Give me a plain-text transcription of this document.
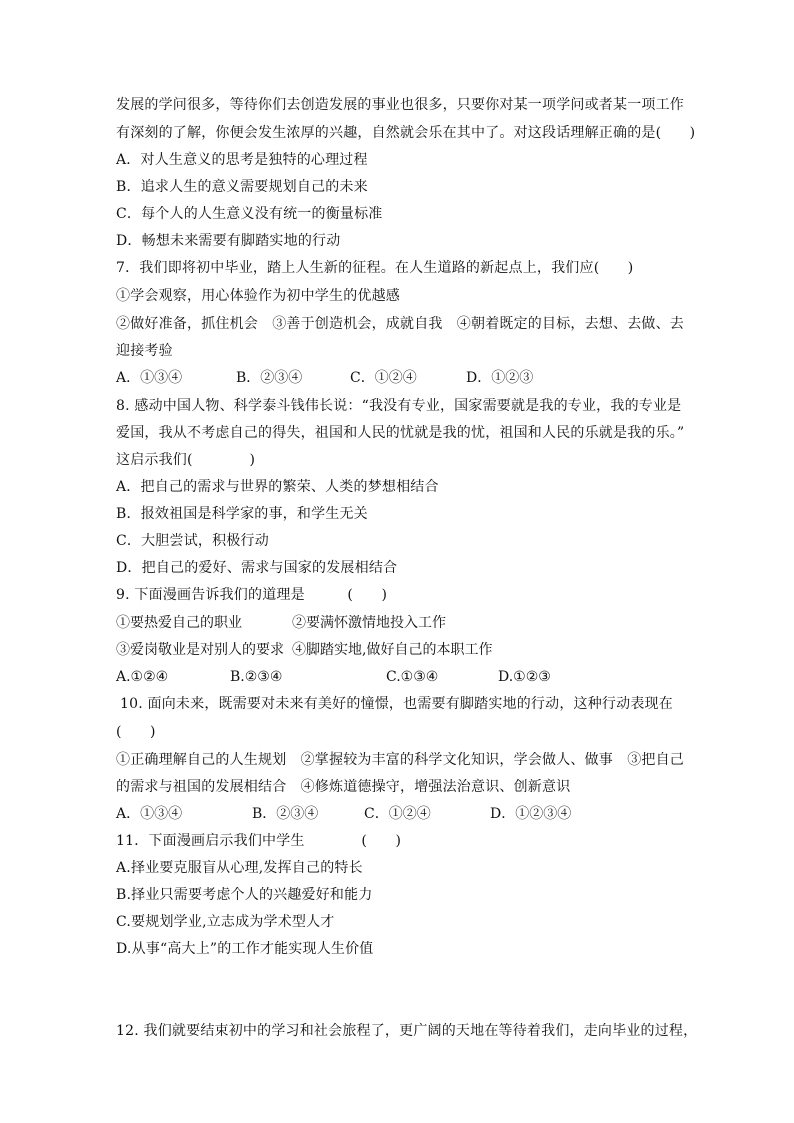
发展的学问很多，等待你们去创造发展的事业也很多，只要你对某一项学问或者某一项工作
有深刻的了解，你便会发生浓厚的兴趣，自然就会乐在其中了。对这段话理解正确的是(　　)
A．对人生意义的思考是独特的心理过程
B．追求人生的意义需要规划自己的未来
C．每个人的人生意义没有统一的衡量标准
D．畅想未来需要有脚踏实地的行动
7．我们即将初中毕业，踏上人生新的征程。在人生道路的新起点上，我们应(　　)
①学会观察，用心体验作为初中学生的优越感
②做好准备，抓住机会　③善于创造机会，成就自我　④朝着既定的目标，去想、去做、去
迎接考验
A．①③④	B．②③④	C．①②④	D．①②③
8. 感动中国人物、科学泰斗钱伟长说：“我没有专业，国家需要就是我的专业，我的专业是
爱国，我从不考虑自己的得失，祖国和人民的忧就是我的忧，祖国和人民的乐就是我的乐。”
这启示我们(　　　　)
A．把自己的需求与世界的繁荣、人类的梦想相结合
B．报效祖国是科学家的事，和学生无关
C．大胆尝试，积极行动
D．把自己的爱好、需求与国家的发展相结合
9. 下面漫画告诉我们的道理是　　　(　　)
①要热爱自己的职业	②要满怀激情地投入工作
③爱岗敬业是对别人的要求 ④脚踏实地,做好自己的本职工作
A.①②④	B.②③④	C.①③④	D.①②③
10. 面向未来，既需要对未来有美好的憧憬，也需要有脚踏实地的行动，这种行动表现在
(　　)
①正确理解自己的人生规划　②掌握较为丰富的科学文化知识，学会做人、做事　③把自己
的需求与祖国的发展相结合　④修炼道德操守，增强法治意识、创新意识
A．①③④	B．②③④	C．①②④	D．①②③④
11．下面漫画启示我们中学生　　　　(　　)
A.择业要克服盲从心理,发挥自己的特长
B.择业只需要考虑个人的兴趣爱好和能力
C.要规划学业,立志成为学术型人才
D.从事“高大上”的工作才能实现人生价值
12. 我们就要结束初中的学习和社会旅程了，更广阔的天地在等待着我们，走向毕业的过程，
